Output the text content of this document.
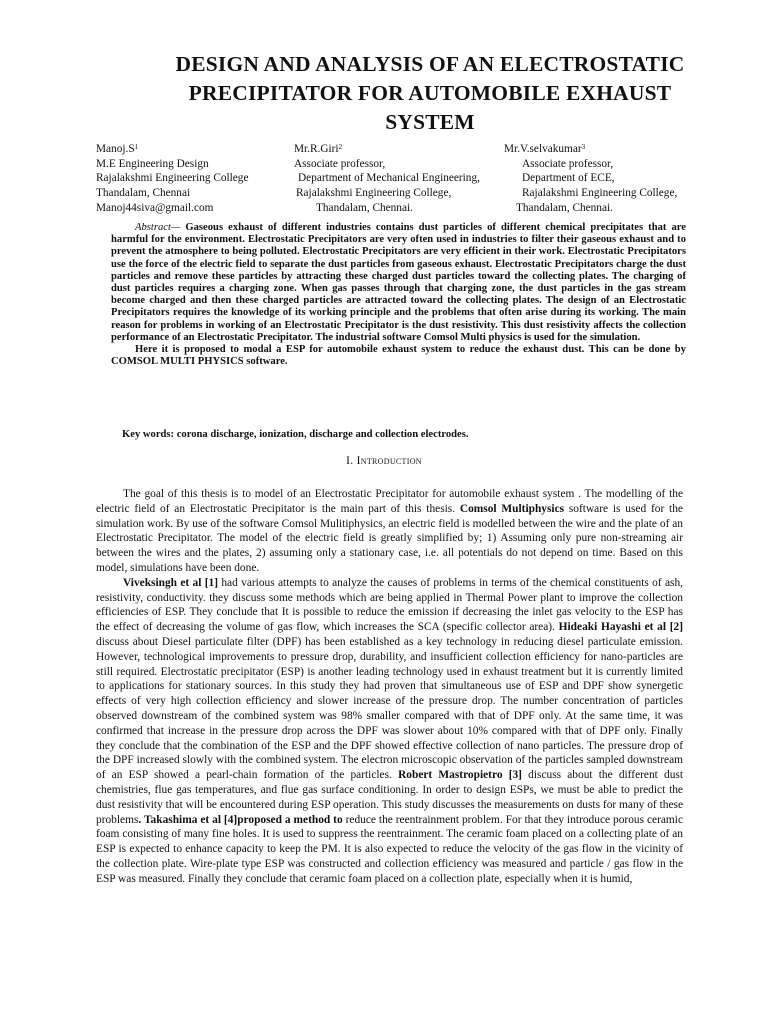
DESIGN AND ANALYSIS OF AN ELECTROSTATIC
PRECIPITATOR FOR AUTOMOBILE EXHAUST
SYSTEM
$Manoj.S^1$
M.E Engineering Design
Rajalakshmi Engineering College
Thandalam, Chennai
Manoj44siva@gmail.com
Mr.R.Giri$^2$
Associate professor,
Department of Mechanical Engineering,
Rajalakshmi Engineering College,
Thandalam, Chennai.
Mr.V.selvakumar$^3$
Associate professor,
Department of ECE,
Rajalakshmi Engineering College,
Thandalam, Chennai.

Abstract— Gaseous exhaust of different industries contains dust particles of different chemical precipitates that are harmful for the environment. Electrostatic Precipitators are very often used in industries to filter their gaseous exhaust and to prevent the atmosphere to being polluted. Electrostatic Precipitators are very efficient in their work. Electrostatic Precipitators use the force of the electric field to separate the dust particles from gaseous exhaust. Electrostatic Precipitators charge the dust particles and remove these particles by attracting these charged dust particles toward the collecting plates. The charging of dust particles requires a charging zone. When gas passes through that charging zone, the dust particles in the gas stream become charged and then these charged particles are attracted toward the collecting plates. The design of an Electrostatic Precipitators requires the knowledge of its working principle and the problems that often arise during its working. The main reason for problems in working of an Electrostatic Precipitator is the dust resistivity. This dust resistivity affects the collection performance of an Electrostatic Precipitator. The industrial software Comsol Multi physics is used for the simulation.

Here it is proposed to modal a ESP for automobile exhaust system to reduce the exhaust dust. This can be done by COMSOL MULTI PHYSICS software.

Key words: corona discharge, ionization, discharge and collection electrodes.
I. Introduction

The goal of this thesis is to model of an Electrostatic Precipitator for automobile exhaust system . The modelling of the electric field of an Electrostatic Precipitator is the main part of this thesis. Comsol Multiphysics software is used for the simulation work. By use of the software Comsol Mulitiphysics, an electric field is modelled between the wire and the plate of an Electrostatic Precipitator. The model of the electric field is greatly simplified by; 1) Assuming only pure non-streaming air between the wires and the plates, 2) assuming only a stationary case, i.e. all potentials do not depend on time. Based on this model, simulations have been done.

Viveksingh et al [1] had various attempts to analyze the causes of problems in terms of the chemical constituents of ash, resistivity, conductivity. they discuss some methods which are being applied in Thermal Power plant to improve the collection efficiencies of ESP. They conclude that It is possible to reduce the emission if decreasing the inlet gas velocity to the ESP has the effect of decreasing the volume of gas flow, which increases the SCA (specific collector area). Hideaki Hayashi et al [2] discuss about Diesel particulate filter (DPF) has been established as a key technology in reducing diesel particulate emission. However, technological improvements to pressure drop, durability, and insufficient collection efficiency for nano-particles are still required. Electrostatic precipitator (ESP) is another leading technology used in exhaust treatment but it is currently limited to applications for stationary sources. In this study they had proven that simultaneous use of ESP and DPF show synergetic effects of very high collection efficiency and slower increase of the pressure drop. The number concentration of particles observed downstream of the combined system was 98% smaller compared with that of DPF only. At the same time, it was confirmed that increase in the pressure drop across the DPF was slower about 10% compared with that of DPF only. Finally they conclude that the combination of the ESP and the DPF showed effective collection of nano particles. The pressure drop of the DPF increased slowly with the combined system. The electron microscopic observation of the particles sampled downstream of an ESP showed a pearl-chain formation of the particles. Robert Mastropietro [3] discuss about the different dust chemistries, flue gas temperatures, and flue gas surface conditioning. In order to design ESPs, we must be able to predict the dust resistivity that will be encountered during ESP operation. This study discusses the measurements on dusts for many of these problems. Takashima et al [4]proposed a method to reduce the reentrainment problem. For that they introduce porous ceramic foam consisting of many fine holes. It is used to suppress the reentrainment. The ceramic foam placed on a collecting plate of an ESP is expected to enhance capacity to keep the PM. It is also expected to reduce the velocity of the gas flow in the vicinity of the collection plate. Wire-plate type ESP was constructed and collection efficiency was measured and particle / gas flow in the ESP was measured. Finally they conclude that ceramic foam placed on a collection plate, especially when it is humid,
